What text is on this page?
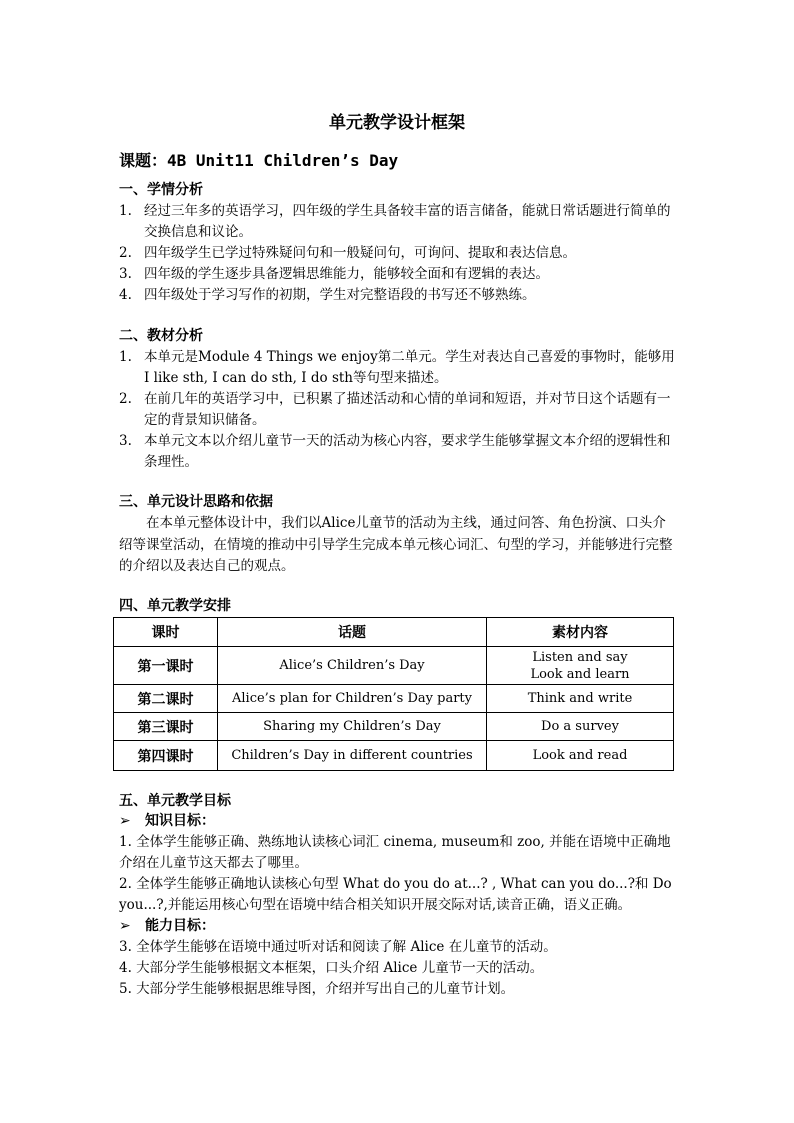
单元教学设计框架
课题：4B Unit11 Children’s Day
一、学情分析
1. 经过三年多的英语学习，四年级的学生具备较丰富的语言储备，能就日常话题进行简单的交换信息和议论。
2. 四年级学生已学过特殊疑问句和一般疑问句，可询问、提取和表达信息。
3. 四年级的学生逐步具备逻辑思维能力，能够较全面和有逻辑的表达。
4. 四年级处于学习写作的初期，学生对完整语段的书写还不够熟练。
二、教材分析
1. 本单元是Module 4 Things we enjoy第二单元。学生对表达自己喜爱的事物时，能够用I like sth, I can do sth, I do sth等句型来描述。
2. 在前几年的英语学习中，已积累了描述活动和心情的单词和短语，并对节日这个话题有一定的背景知识储备。
3. 本单元文本以介绍儿童节一天的活动为核心内容，要求学生能够掌握文本介绍的逻辑性和条理性。
三、单元设计思路和依据

在本单元整体设计中，我们以Alice儿童节的活动为主线，通过问答、角色扮演、口头介绍等课堂活动，在情境的推动中引导学生完成本单元核心词汇、句型的学习，并能够进行完整的介绍以及表达自己的观点。

四、单元教学安排
课时	话题	素材内容
第一课时	Alice’s Children’s Day	Listen and say
Look and learn

第二课时	Alice’s plan for Children’s Day party	Think and write

第三课时	Sharing my Children’s Day	Do a survey

第四课时	Children’s Day in different countries	Look and read
五、单元教学目标

➢ 知识目标：

1. 全体学生能够正确、熟练地认读核心词汇 cinema, museum和 zoo, 并能在语境中正确地介绍在儿童节这天都去了哪里。

2. 全体学生能够正确地认读核心句型 What do you do at...? , What can you do...?和 Do you...?,并能运用核心句型在语境中结合相关知识开展交际对话,读音正确，语义正确。

➢ 能力目标：

3. 全体学生能够在语境中通过听对话和阅读了解 Alice 在儿童节的活动。

4. 大部分学生能够根据文本框架，口头介绍 Alice 儿童节一天的活动。

5. 大部分学生能够根据思维导图，介绍并写出自己的儿童节计划。
